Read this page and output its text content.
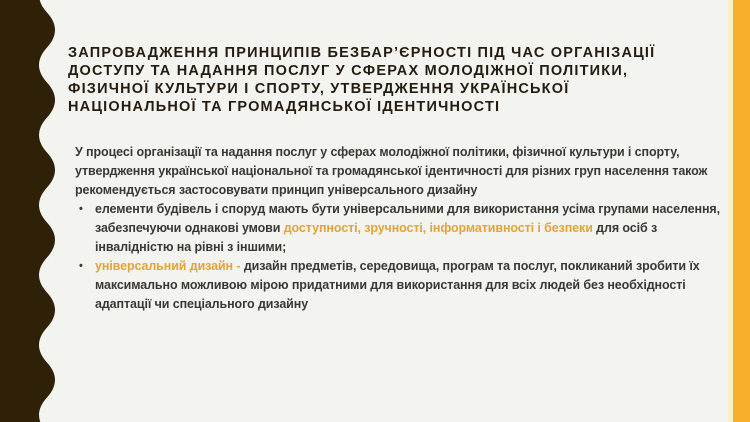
ЗАПРОВАДЖЕННЯ ПРИНЦИПІВ БЕЗБАР’ЄРНОСТІ ПІД ЧАС ОРГАНІЗАЦІЇ
ДОСТУПУ ТА НАДАННЯ ПОСЛУГ У СФЕРАХ МОЛОДІЖНОЇ ПОЛІТИКИ,
ФІЗИЧНОЇ КУЛЬТУРИ І СПОРТУ, УТВЕРДЖЕННЯ УКРАЇНСЬКОЇ
НАЦІОНАЛЬНОЇ ТА ГРОМАДЯНСЬКОЇ ІДЕНТИЧНОСТІ

У процесі організації та надання послуг у сферах молодіжної політики, фізичної культури і спорту, утвердження української національної та громадянської ідентичності для різних груп населення також рекомендується застосовувати принцип універсального дизайну

• елементи будівель і споруд мають бути універсальними для використання усіма групами населення, забезпечуючи однакові умови доступності, зручності, інформативності і безпеки для осіб з інвалідністю на рівні з іншими;
• універсальний дизайн - дизайн предметів, середовища, програм та послуг, покликаний зробити їх максимально можливою мірою придатними для використання для всіх людей без необхідності адаптації чи спеціального дизайну
